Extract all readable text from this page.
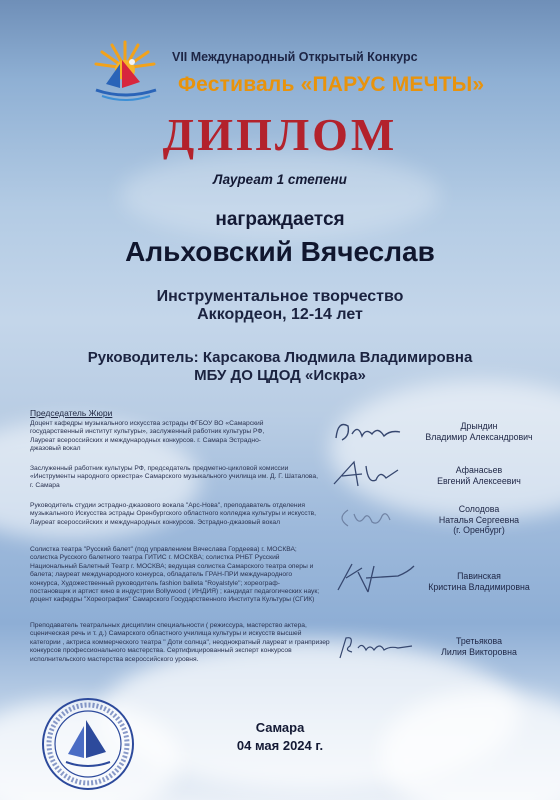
VII Международный Открытый Конкурс
Фестиваль «ПАРУС МЕЧТЫ»
ДИПЛОМ
Лауреат 1 степени
награждается
Альховский Вячеслав
Инструментальное творчество
Аккордеон, 12-14 лет
Руководитель: Карсакова Людмила Владимировна
МБУ ДО ЦДОД «Искра»
Председатель Жюри
Доцент кафедры музыкального искусства эстрады ФГБОУ ВО «Самарский государственный институт культуры», заслуженный работник культуры РФ, Лауреат всероссийских и международных конкурсов. г. Самара Эстрадно-джазовый вокал
Дрындин
Владимир Александрович
Заслуженный работник культуры РФ, председатель предметно-цикловой комиссии «Инструменты народного оркестра» Самарского музыкального училища им. Д. Г. Шаталова, г. Самара
Афанасьев
Евгений Алексеевич
Руководитель студии эстрадно-джазового вокала "Арс-Нова", преподаватель отделения музыкального Искусства эстрады Оренбургского областного колледжа культуры и искусств, Лауреат всероссийских и международных конкурсов. Эстрадно-джазовый вокал
Солодова
Наталья Сергеевна
(г. Оренбург)
Солистка театра "Русский балет" (под управлением Вячеслава Гордеева) г. МОСКВА; солистка Русского балетного театра ГИТИС г. МОСКВА; солистка РНБТ Русский Национальный Балетный Театр г. МОСКВА; ведущая солистка Самарского театра оперы и балета; лауреат международного конкурса, обладатель ГРАН-ПРИ международного конкурса, Художественный руководитель fashion balleta "Royalstyle"; хореограф-постановщик и артист кино в индустрии Bollywood ( ИНДИЯ) ; кандидат педагогических наук; доцент кафедры "Хореография" Самарского Государственного Института Культуры (СГИК)
Павинская
Кристина Владимировна
Преподаватель театральных дисциплин специальности ( режиссура, мастерство актера, сценическая речь и т. д.) Самарского областного училища культуры и искусств высшей категории , актриса коммерческого театра " Доти солнца", неоднократный лауреат и гранпризер конкурсов профессионального мастерства. Сертифицированный эксперт конкурсов исполнительского мастерства всероссийского уровня.
Третьякова
Лилия Викторовна
Самара
04 мая 2024 г.
